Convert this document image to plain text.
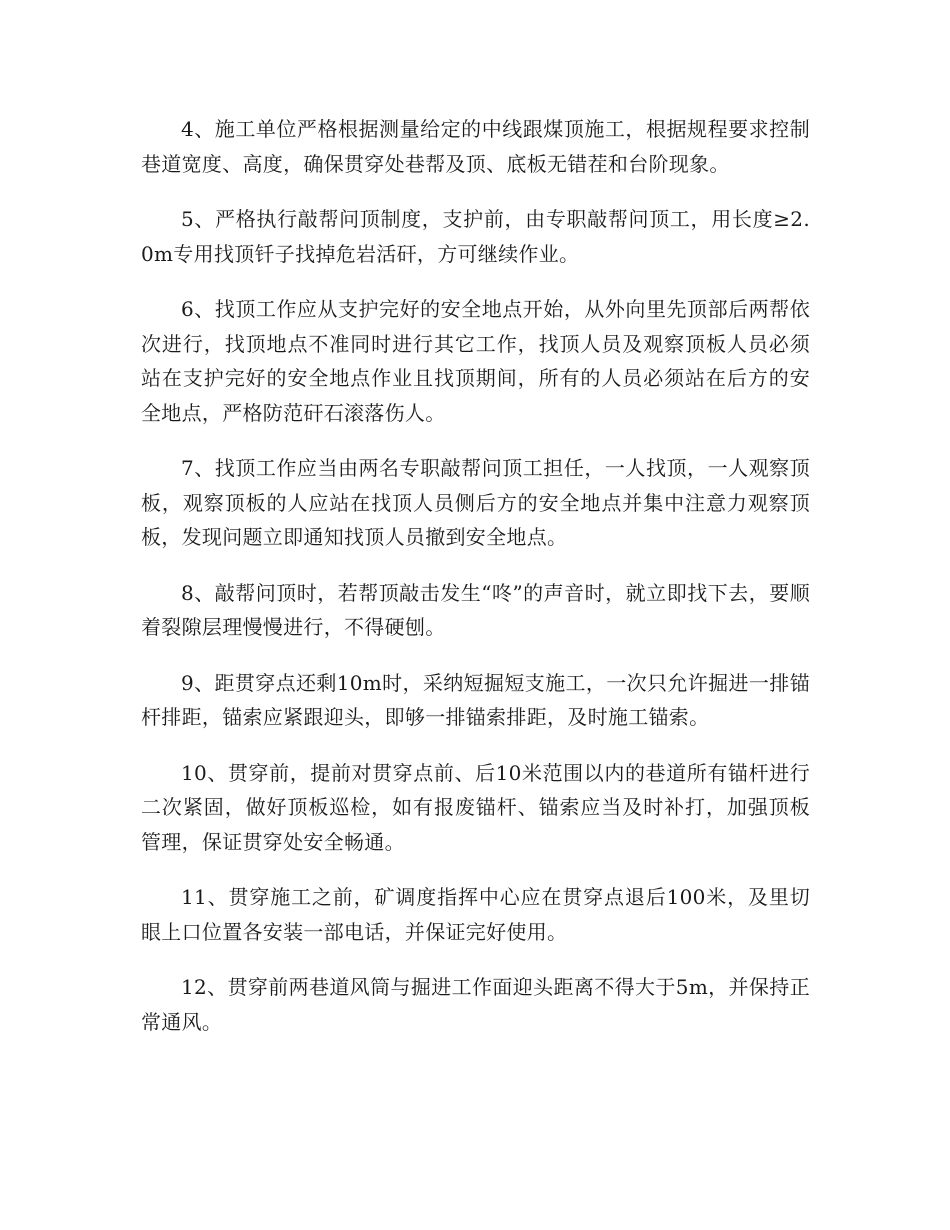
4、施工单位严格根据测量给定的中线跟煤顶施工，根据规程要求控制巷道宽度、高度，确保贯穿处巷帮及顶、底板无错茬和台阶现象。

5、严格执行敲帮问顶制度，支护前，由专职敲帮问顶工，用长度≥2.0m专用找顶钎子找掉危岩活矸，方可继续作业。

6、找顶工作应从支护完好的安全地点开始，从外向里先顶部后两帮依次进行，找顶地点不准同时进行其它工作，找顶人员及观察顶板人员必须站在支护完好的安全地点作业且找顶期间，所有的人员必须站在后方的安全地点，严格防范矸石滚落伤人。

7、找顶工作应当由两名专职敲帮问顶工担任，一人找顶，一人观察顶板，观察顶板的人应站在找顶人员侧后方的安全地点并集中注意力观察顶板，发现问题立即通知找顶人员撤到安全地点。

8、敲帮问顶时，若帮顶敲击发生“咚”的声音时，就立即找下去，要顺着裂隙层理慢慢进行，不得硬刨。

9、距贯穿点还剩10m时，采纳短掘短支施工，一次只允许掘进一排锚杆排距，锚索应紧跟迎头，即够一排锚索排距，及时施工锚索。

10、贯穿前，提前对贯穿点前、后10米范围以内的巷道所有锚杆进行二次紧固，做好顶板巡检，如有报废锚杆、锚索应当及时补打，加强顶板管理，保证贯穿处安全畅通。

11、贯穿施工之前，矿调度指挥中心应在贯穿点退后100米，及里切眼上口位置各安装一部电话，并保证完好使用。

12、贯穿前两巷道风筒与掘进工作面迎头距离不得大于5m，并保持正常通风。
